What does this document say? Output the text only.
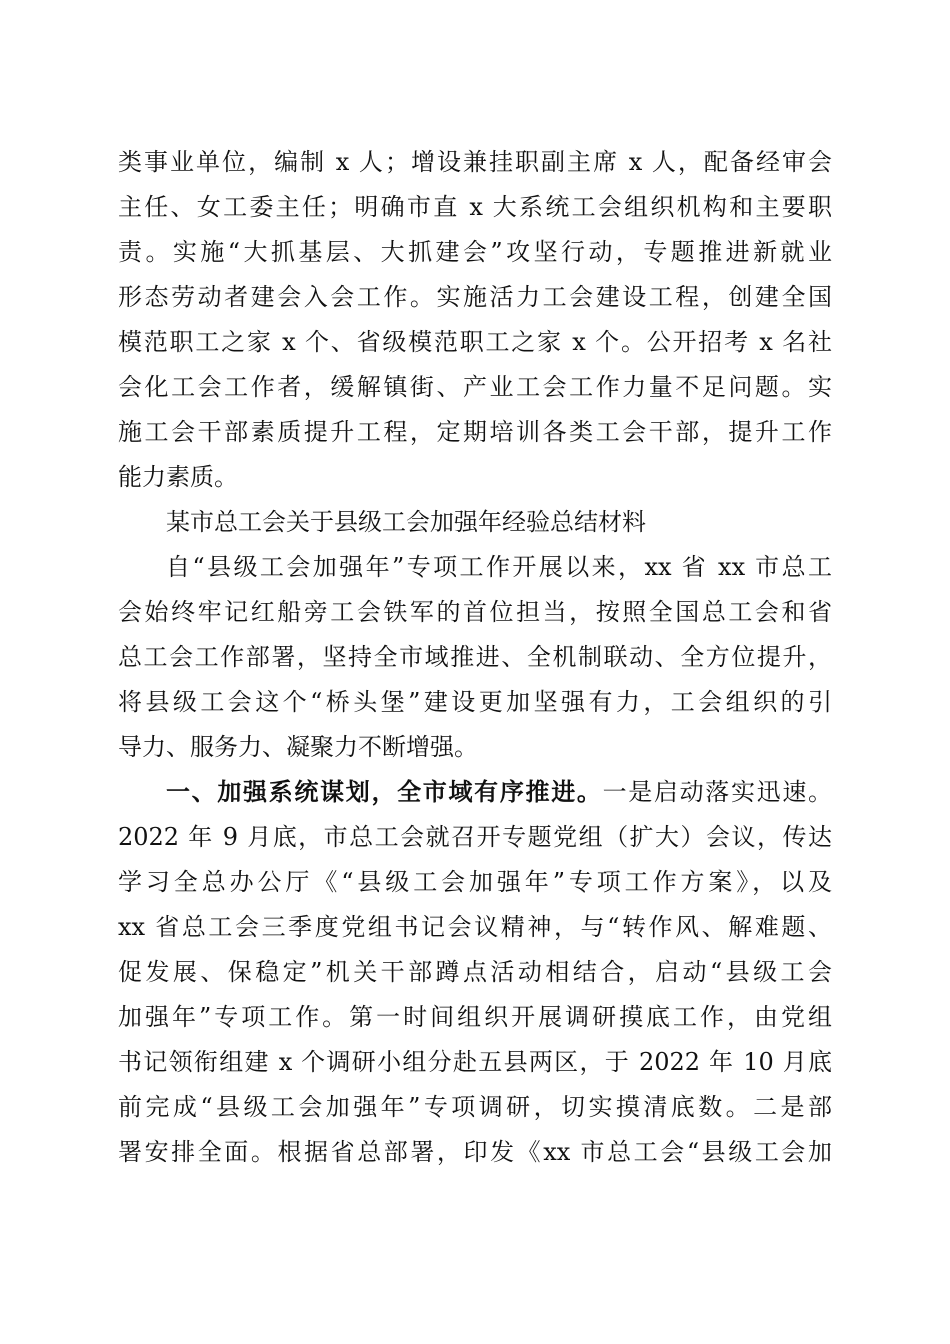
类事业单位，编制 x 人；增设兼挂职副主席 x 人，配备经审会
主任、女工委主任；明确市直 x 大系统工会组织机构和主要职
责。实施“大抓基层、大抓建会”攻坚行动，专题推进新就业
形态劳动者建会入会工作。实施活力工会建设工程，创建全国
模范职工之家 x 个、省级模范职工之家 x 个。公开招考 x 名社
会化工会工作者，缓解镇街、产业工会工作力量不足问题。实
施工会干部素质提升工程，定期培训各类工会干部，提升工作
能力素质。
某市总工会关于县级工会加强年经验总结材料
自“县级工会加强年”专项工作开展以来，xx 省 xx 市总工
会始终牢记红船旁工会铁军的首位担当，按照全国总工会和省
总工会工作部署，坚持全市域推进、全机制联动、全方位提升，
将县级工会这个“桥头堡”建设更加坚强有力，工会组织的引
导力、服务力、凝聚力不断增强。
一、加强系统谋划，全市域有序推进。一是启动落实迅速。
2022 年 9 月底，市总工会就召开专题党组（扩大）会议，传达
学习全总办公厅《“县级工会加强年”专项工作方案》，以及
xx 省总工会三季度党组书记会议精神，与“转作风、解难题、
促发展、保稳定”机关干部蹲点活动相结合，启动“县级工会
加强年”专项工作。第一时间组织开展调研摸底工作，由党组
书记领衔组建 x 个调研小组分赴五县两区，于 2022 年 10 月底
前完成“县级工会加强年”专项调研，切实摸清底数。二是部
署安排全面。根据省总部署，印发《xx 市总工会“县级工会加
